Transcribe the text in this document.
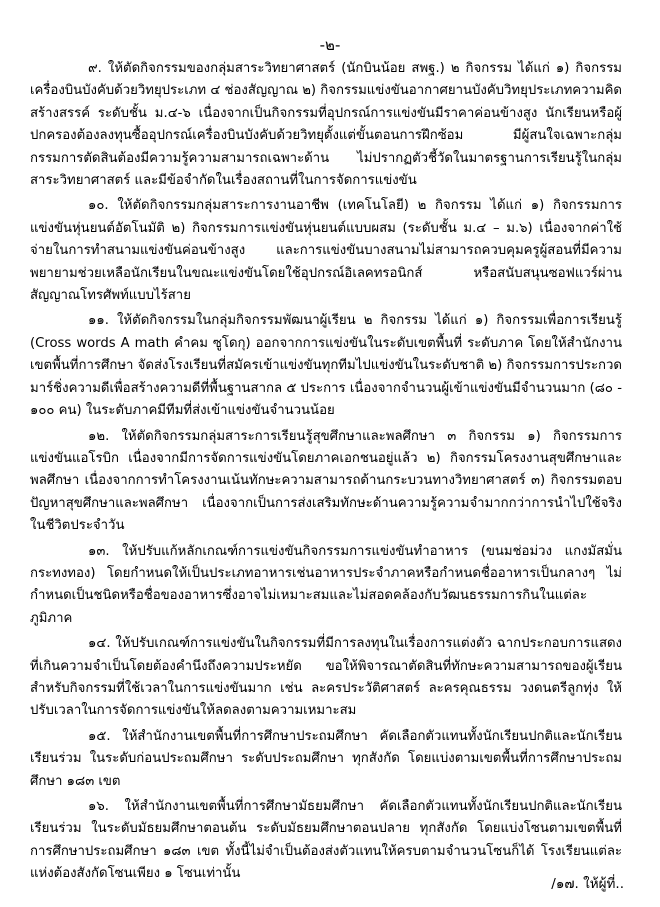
-๒-

๙. ให้ตัดกิจกรรมของกลุ่มสาระวิทยาศาสตร์ (นักบินน้อย สพฐ.) ๒ กิจกรรม ได้แก่ ๑) กิจกรรมเครื่องบินบังคับด้วยวิทยุประเภท ๔ ช่องสัญญาณ ๒) กิจกรรมแข่งขันอากาศยานบังคับวิทยุประเภทความคิดสร้างสรรค์ ระดับชั้น ม.๔-๖ เนื่องจากเป็นกิจกรรมที่อุปกรณ์การแข่งขันมีราคาค่อนข้างสูง นักเรียนหรือผู้ปกครองต้องลงทุนซื้ออุปกรณ์เครื่องบินบังคับด้วยวิทยุตั้งแต่ขั้นตอนการฝึกซ้อม มีผู้สนใจเฉพาะกลุ่ม กรรมการตัดสินต้องมีความรู้ความสามารถเฉพาะด้าน ไม่ปรากฏตัวชี้วัดในมาตรฐานการเรียนรู้ในกลุ่มสาระวิทยาศาสตร์ และมีข้อจำกัดในเรื่องสถานที่ในการจัดการแข่งขัน

๑๐. ให้ตัดกิจกรรมกลุ่มสาระการงานอาชีพ (เทคโนโลยี) ๒ กิจกรรม ได้แก่ ๑) กิจกรรมการแข่งขันหุ่นยนต์อัตโนมัติ ๒) กิจกรรมการแข่งขันหุ่นยนต์แบบผสม (ระดับชั้น ม.๔ – ม.๖) เนื่องจากค่าใช้จ่ายในการทำสนามแข่งขันค่อนข้างสูง และการแข่งขันบางสนามไม่สามารถควบคุมครูผู้สอนที่มีความพยายามช่วยเหลือนักเรียนในขณะแข่งขันโดยใช้อุปกรณ์อิเลคทรอนิกส์ หรือสนับสนุนซอฟแวร์ผ่านสัญญาณโทรศัพท์แบบไร้สาย

๑๑. ให้ตัดกิจกรรมในกลุ่มกิจกรรมพัฒนาผู้เรียน ๒ กิจกรรม ได้แก่ ๑) กิจกรรมเพื่อการเรียนรู้ (Cross words A math คำคม ซูโดกุ) ออกจากการแข่งขันในระดับเขตพื้นที่ ระดับภาค โดยให้สำนักงานเขตพื้นที่การศึกษา จัดส่งโรงเรียนที่สมัครเข้าแข่งขันทุกทีมไปแข่งขันในระดับชาติ ๒) กิจกรรมการประกวดมาร์ชิ่งความดีเพื่อสร้างความดีที่พื้นฐานสากล ๕ ประการ เนื่องจากจำนวนผู้เข้าแข่งขันมีจำนวนมาก (๘๐ - ๑๐๐ คน) ในระดับภาคมีทีมที่ส่งเข้าแข่งขันจำนวนน้อย

๑๒. ให้ตัดกิจกรรมกลุ่มสาระการเรียนรู้สุขศึกษาและพลศึกษา ๓ กิจกรรม ๑) กิจกรรมการแข่งขันแอโรบิก เนื่องจากมีการจัดการแข่งขันโดยภาคเอกชนอยู่แล้ว ๒) กิจกรรมโครงงานสุขศึกษาและพลศึกษา เนื่องจากการทำโครงงานเน้นทักษะความสามารถด้านกระบวนทางวิทยาศาสตร์ ๓) กิจกรรมตอบปัญหาสุขศึกษาและพลศึกษา เนื่องจากเป็นการส่งเสริมทักษะด้านความรู้ความจำมากกว่าการนำไปใช้จริงในชีวิตประจำวัน

๑๓. ให้ปรับแก้หลักเกณฑ์การแข่งขันกิจกรรมการแข่งขันทำอาหาร (ขนมช่อม่วง แกงมัสมั่น กระทงทอง) โดยกำหนดให้เป็นประเภทอาหารเช่นอาหารประจำภาคหรือกำหนดชื่ออาหารเป็นกลางๆ ไม่กำหนดเป็นชนิดหรือชื่อของอาหารซึ่งอาจไม่เหมาะสมและไม่สอดคล้องกับวัฒนธรรมการกินในแต่ละภูมิภาค

๑๔. ให้ปรับเกณฑ์การแข่งขันในกิจกรรมที่มีการลงทุนในเรื่องการแต่งตัว ฉากประกอบการแสดงที่เกินความจำเป็นโดยต้องคำนึงถึงความประหยัด ขอให้พิจารณาตัดสินที่ทักษะความสามารถของผู้เรียน สำหรับกิจกรรมที่ใช้เวลาในการแข่งขันมาก เช่น ละครประวัติศาสตร์ ละครคุณธรรม วงดนตรีลูกทุ่ง ให้ปรับเวลาในการจัดการแข่งขันให้ลดลงตามความเหมาะสม

๑๕. ให้สำนักงานเขตพื้นที่การศึกษาประถมศึกษา คัดเลือกตัวแทนทั้งนักเรียนปกติและนักเรียนเรียนร่วม ในระดับก่อนประถมศึกษา ระดับประถมศึกษา ทุกสังกัด โดยแบ่งตามเขตพื้นที่การศึกษาประถมศึกษา ๑๘๓ เขต

๑๖. ให้สำนักงานเขตพื้นที่การศึกษามัธยมศึกษา คัดเลือกตัวแทนทั้งนักเรียนปกติและนักเรียนเรียนร่วม ในระดับมัธยมศึกษาตอนต้น ระดับมัธยมศึกษาตอนปลาย ทุกสังกัด โดยแบ่งโซนตามเขตพื้นที่การศึกษาประถมศึกษา ๑๘๓ เขต ทั้งนี้ไม่จำเป็นต้องส่งตัวแทนให้ครบตามจำนวนโซนก็ได้ โรงเรียนแต่ละแห่งต้องสังกัดโซนเพียง ๑ โซนเท่านั้น

/๑๗. ให้ผู้ที่..
